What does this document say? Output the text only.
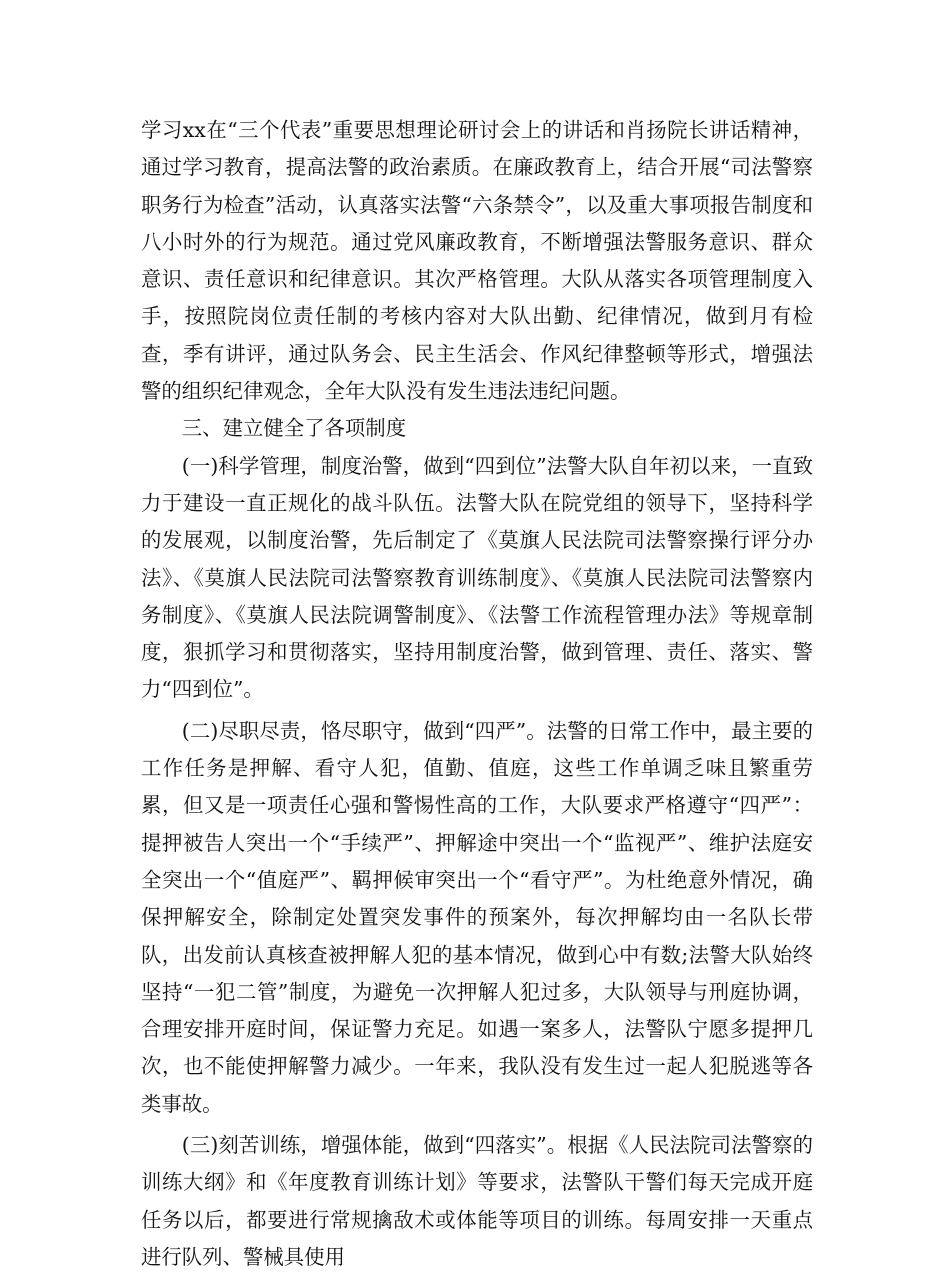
学习xx在“三个代表”重要思想理论研讨会上的讲话和肖扬院长讲话精神，通过学习教育，提高法警的政治素质。在廉政教育上，结合开展“司法警察职务行为检查”活动，认真落实法警“六条禁令”，以及重大事项报告制度和八小时外的行为规范。通过党风廉政教育，不断增强法警服务意识、群众意识、责任意识和纪律意识。其次严格管理。大队从落实各项管理制度入手，按照院岗位责任制的考核内容对大队出勤、纪律情况，做到月有检查，季有讲评，通过队务会、民主生活会、作风纪律整顿等形式，增强法警的组织纪律观念，全年大队没有发生违法违纪问题。

三、建立健全了各项制度

(一)科学管理，制度治警，做到“四到位”法警大队自年初以来，一直致力于建设一直正规化的战斗队伍。法警大队在院党组的领导下，坚持科学的发展观，以制度治警，先后制定了《莫旗人民法院司法警察操行评分办法》、《莫旗人民法院司法警察教育训练制度》、《莫旗人民法院司法警察内务制度》、《莫旗人民法院调警制度》、《法警工作流程管理办法》等规章制度，狠抓学习和贯彻落实，坚持用制度治警，做到管理、责任、落实、警力“四到位”。

(二)尽职尽责，恪尽职守，做到“四严”。法警的日常工作中，最主要的工作任务是押解、看守人犯，值勤、值庭，这些工作单调乏味且繁重劳累，但又是一项责任心强和警惕性高的工作，大队要求严格遵守“四严”：提押被告人突出一个“手续严”、押解途中突出一个“监视严”、维护法庭安全突出一个“值庭严”、羁押候审突出一个“看守严”。为杜绝意外情况，确保押解安全，除制定处置突发事件的预案外，每次押解均由一名队长带队，出发前认真核查被押解人犯的基本情况，做到心中有数;法警大队始终坚持“一犯二管”制度，为避免一次押解人犯过多，大队领导与刑庭协调，合理安排开庭时间，保证警力充足。如遇一案多人，法警队宁愿多提押几次，也不能使押解警力减少。一年来，我队没有发生过一起人犯脱逃等各类事故。

(三)刻苦训练，增强体能，做到“四落实”。根据《人民法院司法警察的训练大纲》和《年度教育训练计划》等要求，法警队干警们每天完成开庭任务以后，都要进行常规擒敌术或体能等项目的训练。每周安排一天重点进行队列、警械具使用
